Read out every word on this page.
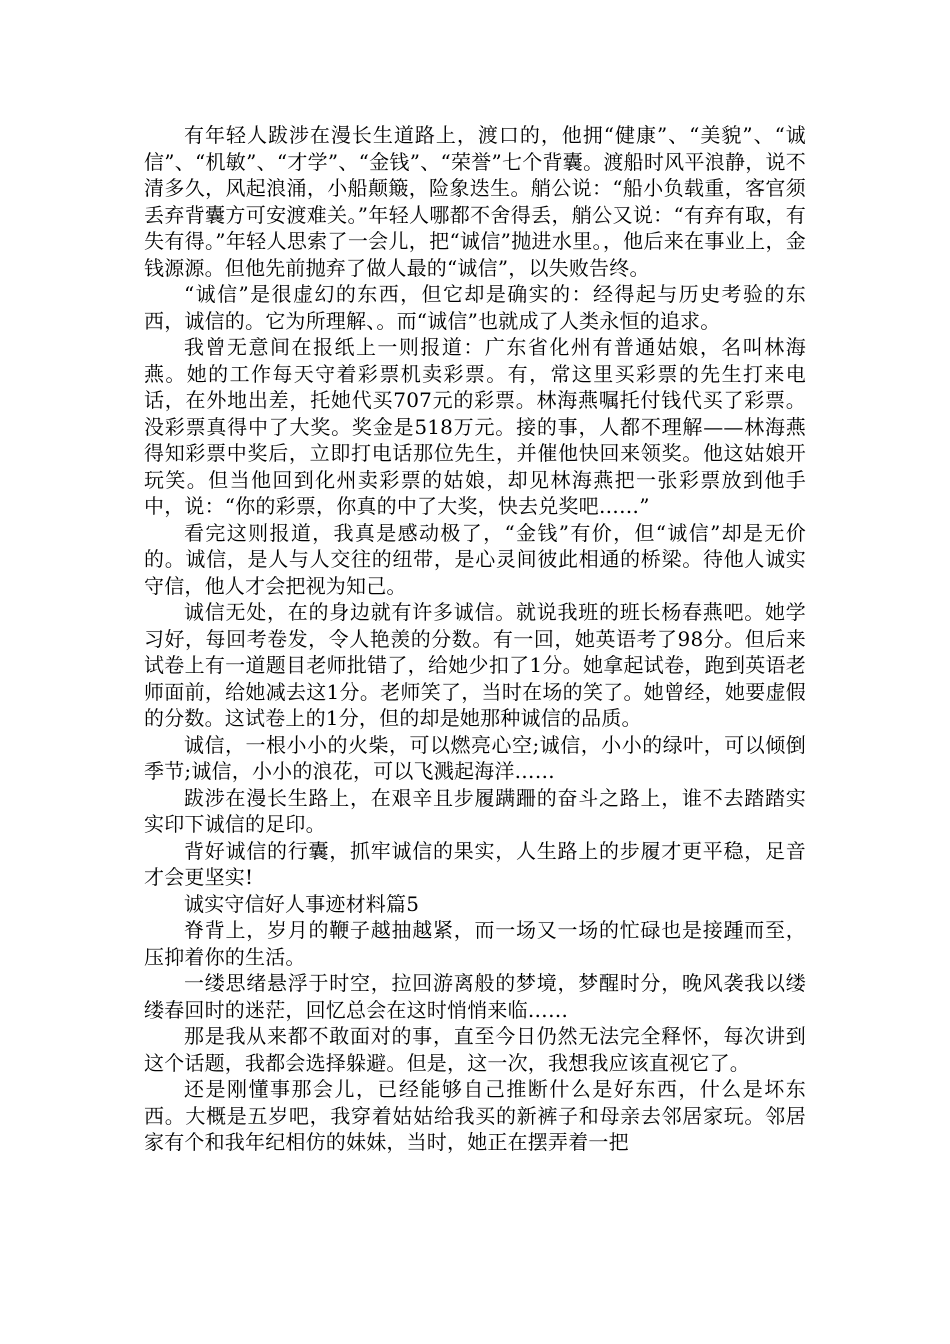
有年轻人跋涉在漫长生道路上，渡口的，他拥“健康”、“美貌”、“诚信”、“机敏”、“才学”、“金钱”、“荣誉”七个背囊。渡船时风平浪静，说不清多久，风起浪涌，小船颠簸，险象迭生。艄公说：“船小负载重，客官须丢弃背囊方可安渡难关。”年轻人哪都不舍得丢，艄公又说：“有弃有取，有失有得。”年轻人思索了一会儿，把“诚信”抛进水里。，他后来在事业上，金钱源源。但他先前抛弃了做人最的“诚信”，以失败告终。

“诚信”是很虚幻的东西，但它却是确实的：经得起与历史考验的东西，诚信的。它为所理解、。而“诚信”也就成了人类永恒的追求。

我曾无意间在报纸上一则报道：广东省化州有普通姑娘，名叫林海燕。她的工作每天守着彩票机卖彩票。有，常这里买彩票的先生打来电话，在外地出差，托她代买707元的彩票。林海燕嘱托付钱代买了彩票。没彩票真得中了大奖。奖金是518万元。接的事，人都不理解——林海燕得知彩票中奖后，立即打电话那位先生，并催他快回来领奖。他这姑娘开玩笑。但当他回到化州卖彩票的姑娘，却见林海燕把一张彩票放到他手中，说：“你的彩票，你真的中了大奖，快去兑奖吧……”

看完这则报道，我真是感动极了，“金钱”有价，但“诚信”却是无价的。诚信，是人与人交往的纽带，是心灵间彼此相通的桥梁。待他人诚实守信，他人才会把视为知己。

诚信无处，在的身边就有许多诚信。就说我班的班长杨春燕吧。她学习好，每回考卷发，令人艳羡的分数。有一回，她英语考了98分。但后来试卷上有一道题目老师批错了，给她少扣了1分。她拿起试卷，跑到英语老师面前，给她减去这1分。老师笑了，当时在场的笑了。她曾经，她要虚假的分数。这试卷上的1分，但的却是她那种诚信的品质。

诚信，一根小小的火柴，可以燃亮心空;诚信，小小的绿叶，可以倾倒季节;诚信，小小的浪花，可以飞溅起海洋……

跋涉在漫长生路上，在艰辛且步履蹒跚的奋斗之路上，谁不去踏踏实实印下诚信的足印。

背好诚信的行囊，抓牢诚信的果实，人生路上的步履才更平稳，足音才会更坚实!

诚实守信好人事迹材料篇5

脊背上，岁月的鞭子越抽越紧，而一场又一场的忙碌也是接踵而至，压抑着你的生活。

一缕思绪悬浮于时空，拉回游离般的梦境，梦醒时分，晚风袭我以缕缕春回时的迷茫，回忆总会在这时悄悄来临……

那是我从来都不敢面对的事，直至今日仍然无法完全释怀，每次讲到这个话题，我都会选择躲避。但是，这一次，我想我应该直视它了。

还是刚懂事那会儿，已经能够自己推断什么是好东西，什么是坏东西。大概是五岁吧，我穿着姑姑给我买的新裤子和母亲去邻居家玩。邻居家有个和我年纪相仿的妹妹，当时，她正在摆弄着一把
